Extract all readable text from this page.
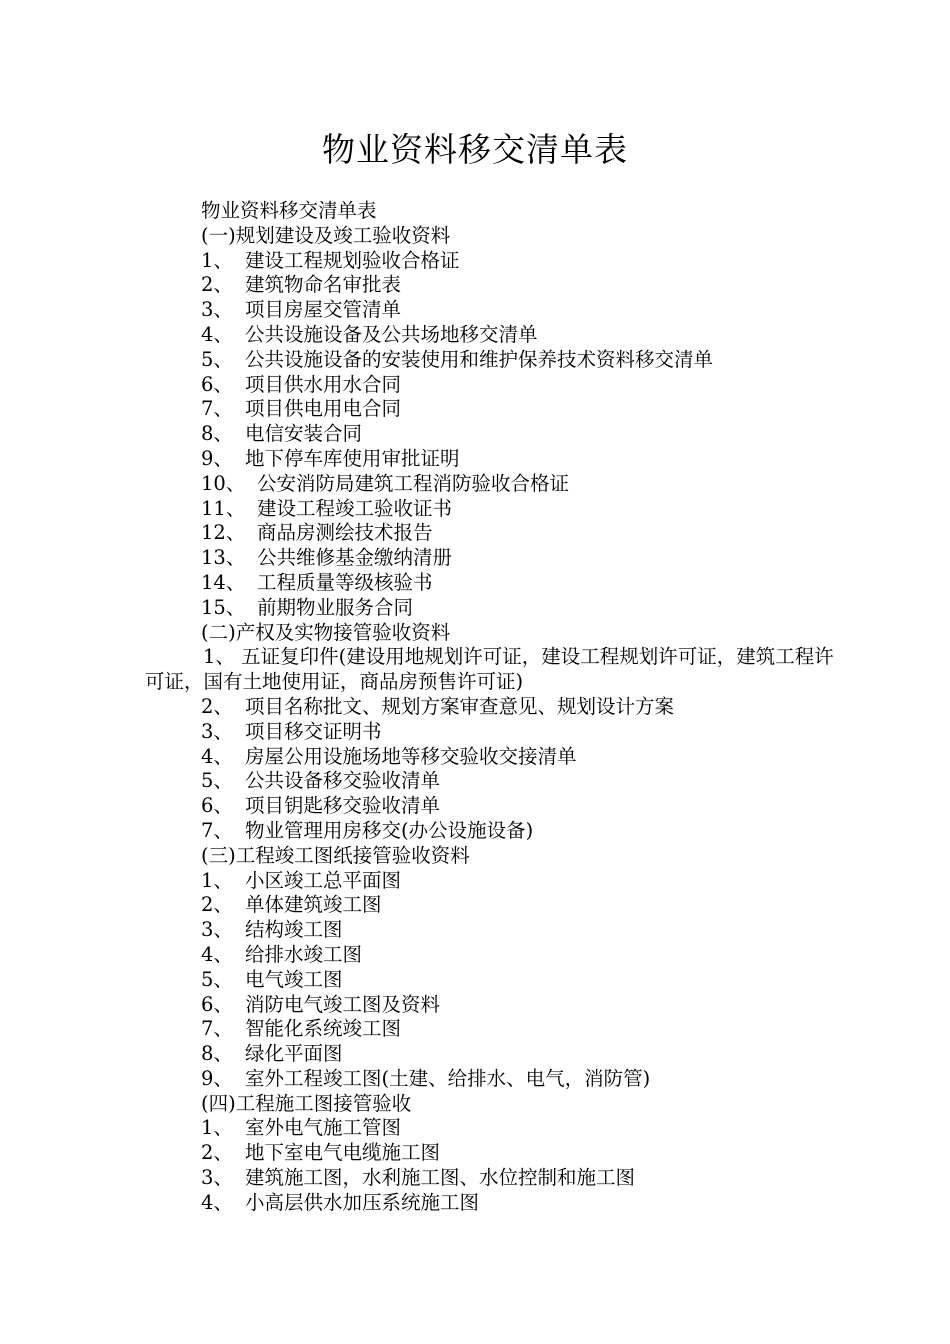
物业资料移交清单表
物业资料移交清单表
(一)规划建设及竣工验收资料
1、 建设工程规划验收合格证
2、 建筑物命名审批表
3、 项目房屋交管清单
4、 公共设施设备及公共场地移交清单
5、 公共设施设备的安装使用和维护保养技术资料移交清单
6、 项目供水用水合同
7、 项目供电用电合同
8、 电信安装合同
9、 地下停车库使用审批证明
10、 公安消防局建筑工程消防验收合格证
11、 建设工程竣工验收证书
12、 商品房测绘技术报告
13、 公共维修基金缴纳清册
14、 工程质量等级核验书
15、 前期物业服务合同
(二)产权及实物接管验收资料
1、 五证复印件(建设用地规划许可证，建设工程规划许可证，建筑工程许可证，国有土地使用证，商品房预售许可证)
2、 项目名称批文、规划方案审查意见、规划设计方案
3、 项目移交证明书
4、 房屋公用设施场地等移交验收交接清单
5、 公共设备移交验收清单
6、 项目钥匙移交验收清单
7、 物业管理用房移交(办公设施设备)
(三)工程竣工图纸接管验收资料
1、 小区竣工总平面图
2、 单体建筑竣工图
3、 结构竣工图
4、 给排水竣工图
5、 电气竣工图
6、 消防电气竣工图及资料
7、 智能化系统竣工图
8、 绿化平面图
9、 室外工程竣工图(土建、给排水、电气，消防管)
(四)工程施工图接管验收
1、 室外电气施工管图
2、 地下室电气电缆施工图
3、 建筑施工图，水利施工图、水位控制和施工图
4、 小高层供水加压系统施工图
